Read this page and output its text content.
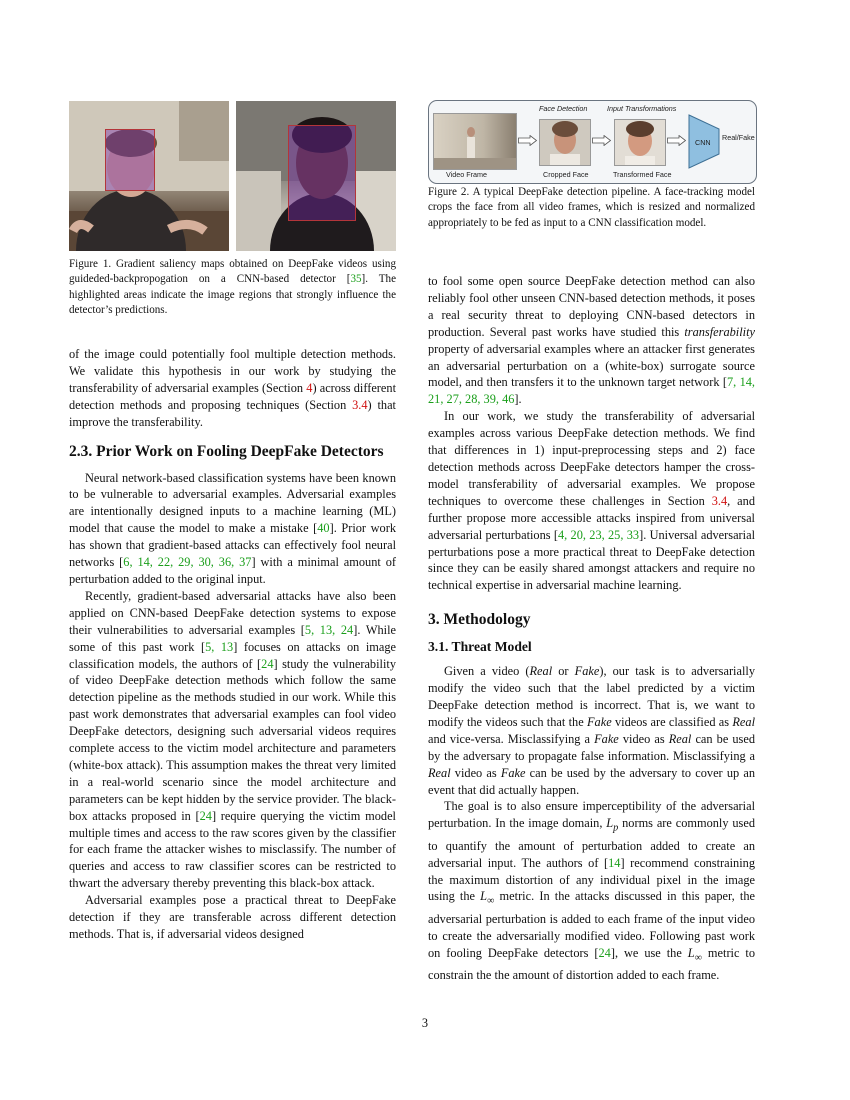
Figure 1. Gradient saliency maps obtained on DeepFake videos using guideded-backpropogation on a CNN-based detector [35]. The highlighted areas indicate the image regions that strongly influence the detector’s predictions.
Face Detection	Input Transformations
Video Frame	Cropped Face	Transformed Face
CNN
Real/Fake
Figure 2. A typical DeepFake detection pipeline. A face-tracking model crops the face from all video frames, which is resized and normalized appropriately to be fed as input to a CNN classification model.

of the image could potentially fool multiple detection methods. We validate this hypothesis in our work by studying the transferability of adversarial examples (Section 4) across different detection methods and proposing techniques (Section 3.4) that improve the transferability.

2.3. Prior Work on Fooling DeepFake Detectors

Neural network-based classification systems have been known to be vulnerable to adversarial examples. Adversarial examples are intentionally designed inputs to a machine learning (ML) model that cause the model to make a mistake [40]. Prior work has shown that gradient-based attacks can effectively fool neural networks [6, 14, 22, 29, 30, 36, 37] with a minimal amount of perturbation added to the original input.

Recently, gradient-based adversarial attacks have also been applied on CNN-based DeepFake detection systems to expose their vulnerabilities to adversarial examples [5, 13, 24]. While some of this past work [5, 13] focuses on attacks on image classification models, the authors of [24] study the vulnerability of video DeepFake detection methods which follow the same detection pipeline as the methods studied in our work. While this past work demonstrates that adversarial examples can fool video DeepFake detectors, designing such adversarial videos requires complete access to the victim model architecture and parameters (white-box attack). This assumption makes the threat very limited in a real-world scenario since the model architecture and parameters can be kept hidden by the service provider. The black-box attacks proposed in [24] require querying the victim model multiple times and access to the raw scores given by the classifier for each frame the attacker wishes to misclassify. The number of queries and access to raw classifier scores can be restricted to thwart the adversary thereby preventing this black-box attack.

Adversarial examples pose a practical threat to DeepFake detection if they are transferable across different detection methods. That is, if adversarial videos designed

to fool some open source DeepFake detection method can also reliably fool other unseen CNN-based detection methods, it poses a real security threat to deploying CNN-based detectors in production. Several past works have studied this transferability property of adversarial examples where an attacker first generates an adversarial perturbation on a (white-box) surrogate source model, and then transfers it to the unknown target network [7, 14, 21, 27, 28, 39, 46].

In our work, we study the transferability of adversarial examples across various DeepFake detection methods. We find that differences in 1) input-preprocessing steps and 2) face detection methods across DeepFake detectors hamper the cross-model transferability of adversarial examples. We propose techniques to overcome these challenges in Section 3.4, and further propose more accessible attacks inspired from universal adversarial perturbations [4, 20, 23, 25, 33]. Universal adversarial perturbations pose a more practical threat to DeepFake detection since they can be easily shared amongst attackers and require no technical expertise in adversarial machine learning.

3. Methodology
3.1. Threat Model

Given a video (Real or Fake), our task is to adversarially modify the video such that the label predicted by a victim DeepFake detection method is incorrect. That is, we want to modify the videos such that the Fake videos are classified as Real and vice-versa. Misclassifying a Fake video as Real can be used by the adversary to propagate false information. Misclassifying a Real video as Fake can be used by the adversary to cover up an event that did actually happen.

The goal is to also ensure imperceptibility of the adversarial perturbation. In the image domain, $L_p$ norms are commonly used to quantify the amount of perturbation added to create an adversarial input. The authors of [14] recommend constraining the maximum distortion of any individual pixel in the image using the $L_\infty$ metric. In the attacks discussed in this paper, the adversarial perturbation is added to each frame of the input video to create the adversarially modified video. Following past work on fooling DeepFake detectors [24], we use the $L_\infty$ metric to constrain the the amount of distortion added to each frame.

3
